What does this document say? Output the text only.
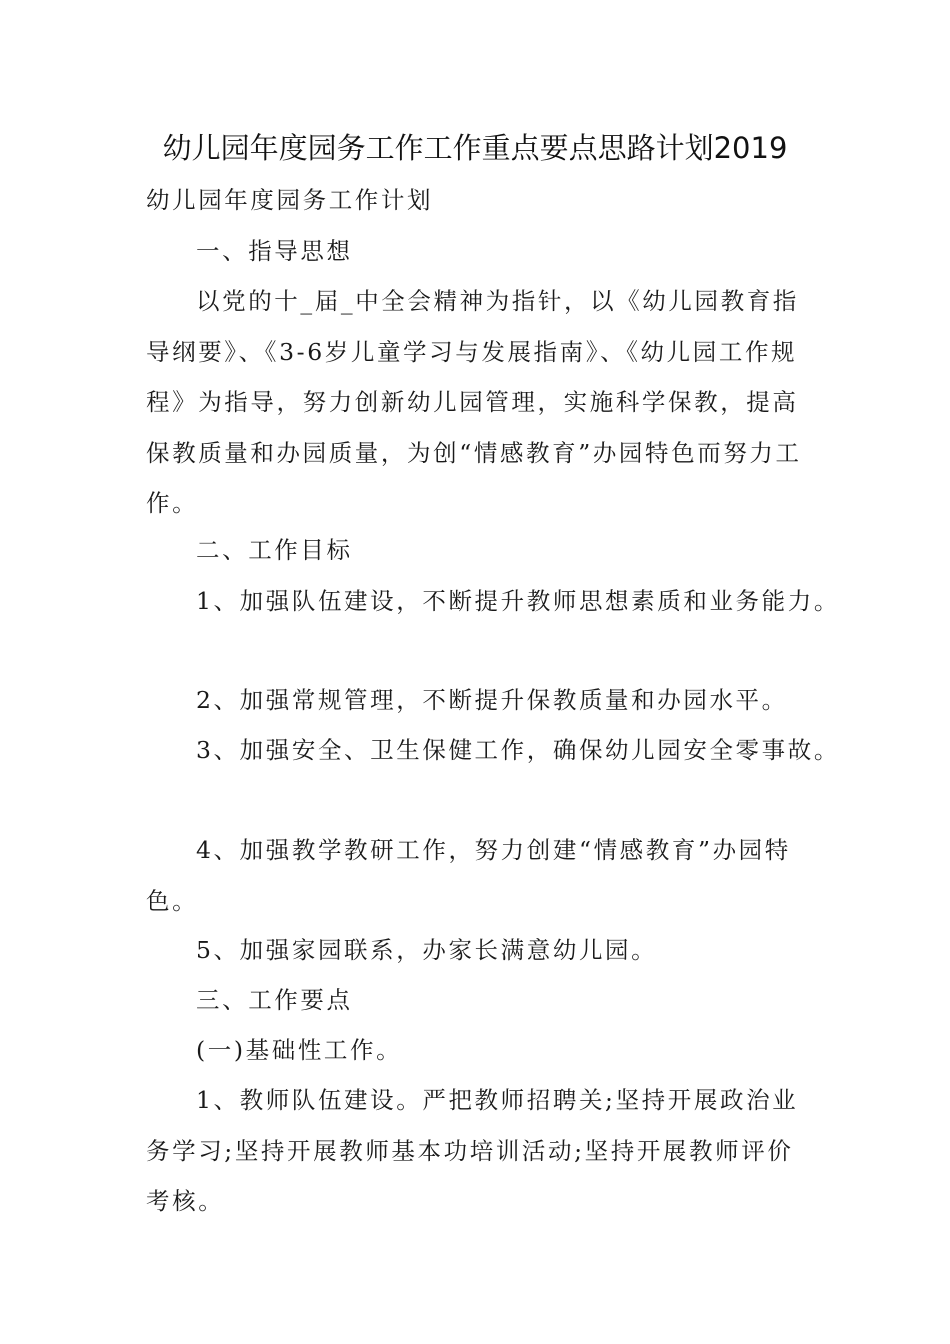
幼儿园年度园务工作工作重点要点思路计划2019
幼儿园年度园务工作计划
一、指导思想

以党的十_届_中全会精神为指针，以《幼儿园教育指导纲要》、《3-6岁儿童学习与发展指南》、《幼儿园工作规程》为指导，努力创新幼儿园管理，实施科学保教，提高保教质量和办园质量，为创“情感教育”办园特色而努力工作。

二、工作目标
1、加强队伍建设，不断提升教师思想素质和业务能力。
2、加强常规管理，不断提升保教质量和办园水平。
3、加强安全、卫生保健工作，确保幼儿园安全零事故。

4、加强教学教研工作，努力创建“情感教育”办园特色。

5、加强家园联系，办家长满意幼儿园。
三、工作要点
(一)基础性工作。

1、教师队伍建设。严把教师招聘关;坚持开展政治业务学习;坚持开展教师基本功培训活动;坚持开展教师评价考核。
